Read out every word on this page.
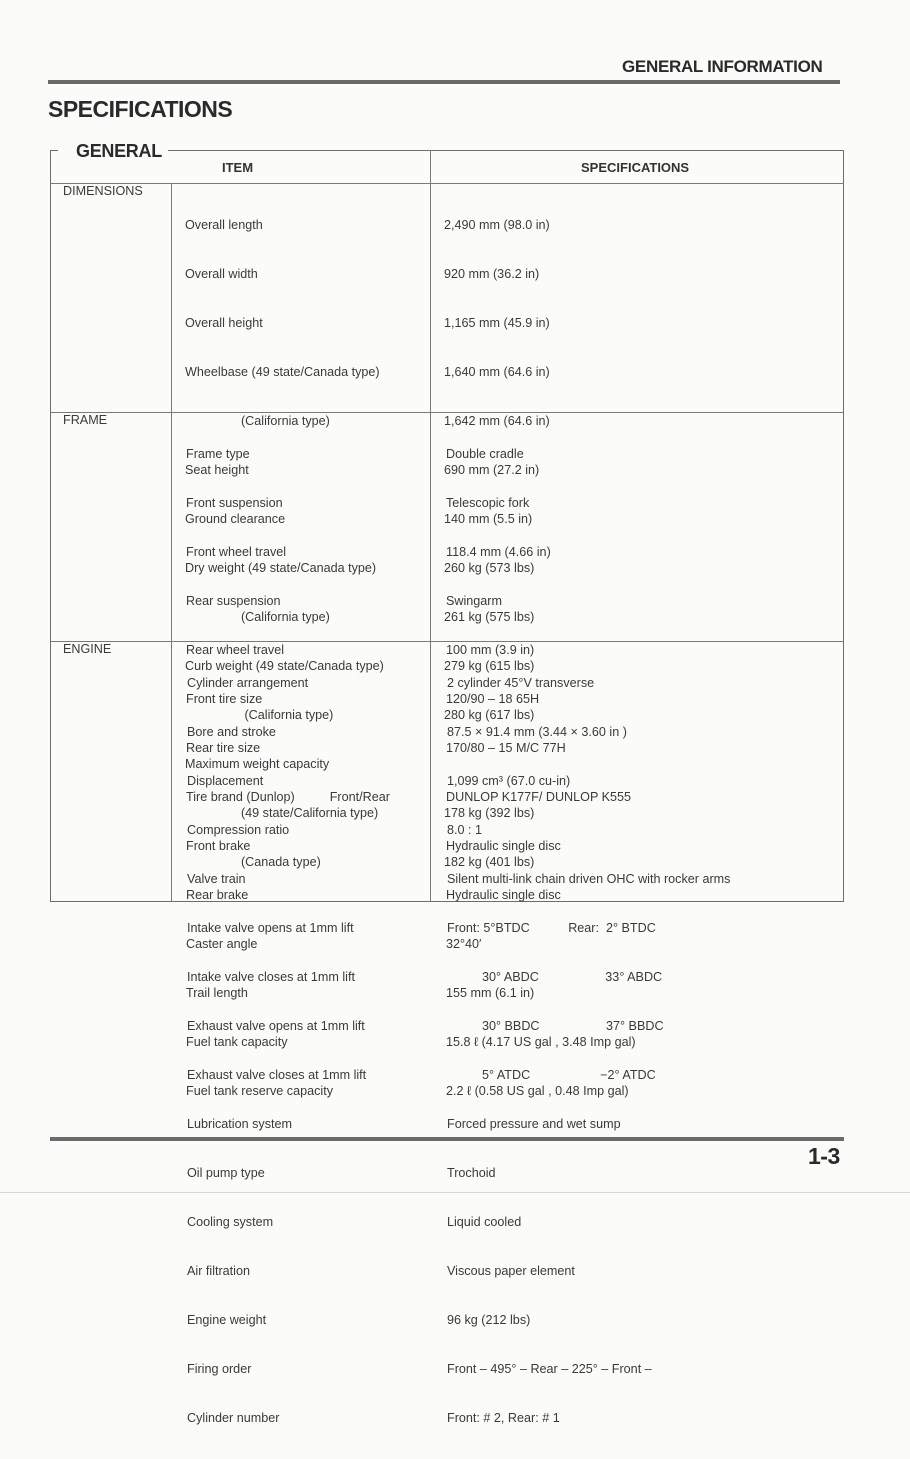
GENERAL INFORMATION
SPECIFICATIONS
GENERAL
ITEM	SPECIFICATIONS
DIMENSIONS

Overall length

Overall width

Overall height

Wheelbase (49 state/Canada type)

(California type)

Seat height

Ground clearance

Dry weight (49 state/Canada type)

(California type)

Curb weight (49 state/Canada type)

(California type)

Maximum weight capacity

(49 state/California type)

(Canada type)

2,490 mm (98.0 in)

920 mm (36.2 in)

1,165 mm (45.9 in)

1,640 mm (64.6 in)

1,642 mm (64.6 in)

690 mm (27.2 in)

140 mm (5.5 in)

260 kg (573 lbs)

261 kg (575 lbs)

279 kg (615 lbs)

280 kg (617 lbs)

178 kg (392 lbs)

182 kg (401 lbs)

FRAME

Frame type

Front suspension

Front wheel travel

Rear suspension

Rear wheel travel

Front tire size

Rear tire size

Tire brand (Dunlop)          Front/Rear

Front brake

Rear brake

Caster angle

Trail length

Fuel tank capacity

Fuel tank reserve capacity

Double cradle

Telescopic fork

118.4 mm (4.66 in)

Swingarm

100 mm (3.9 in)

120/90 – 18 65H

170/80 – 15 M/C 77H

DUNLOP K177F/ DUNLOP K555

Hydraulic single disc

Hydraulic single disc

32°40′

155 mm (6.1 in)

15.8 ℓ (4.17 US gal , 3.48 Imp gal)

2.2 ℓ (0.58 US gal , 0.48 Imp gal)

ENGINE

Cylinder arrangement

Bore and stroke

Displacement

Compression ratio

Valve train

Intake valve opens at 1mm lift

Intake valve closes at 1mm lift

Exhaust valve opens at 1mm lift

Exhaust valve closes at 1mm lift

Lubrication system

Oil pump type

Cooling system

Air filtration

Engine weight

Firing order

Cylinder number

2 cylinder 45°V transverse

87.5 × 91.4 mm (3.44 × 3.60 in )

1,099 cm³ (67.0 cu-in)

8.0 : 1

Silent multi-link chain driven OHC with rocker arms

Front: 5°BTDC           Rear:  2° BTDC

30° ABDC                   33° ABDC

30° BBDC                   37° BBDC

5° ATDC                    −2° ATDC

Forced pressure and wet sump

Trochoid

Liquid cooled

Viscous paper element

96 kg (212 lbs)

Front – 495° – Rear – 225° – Front –

Front: # 2, Rear: # 1

1-3
